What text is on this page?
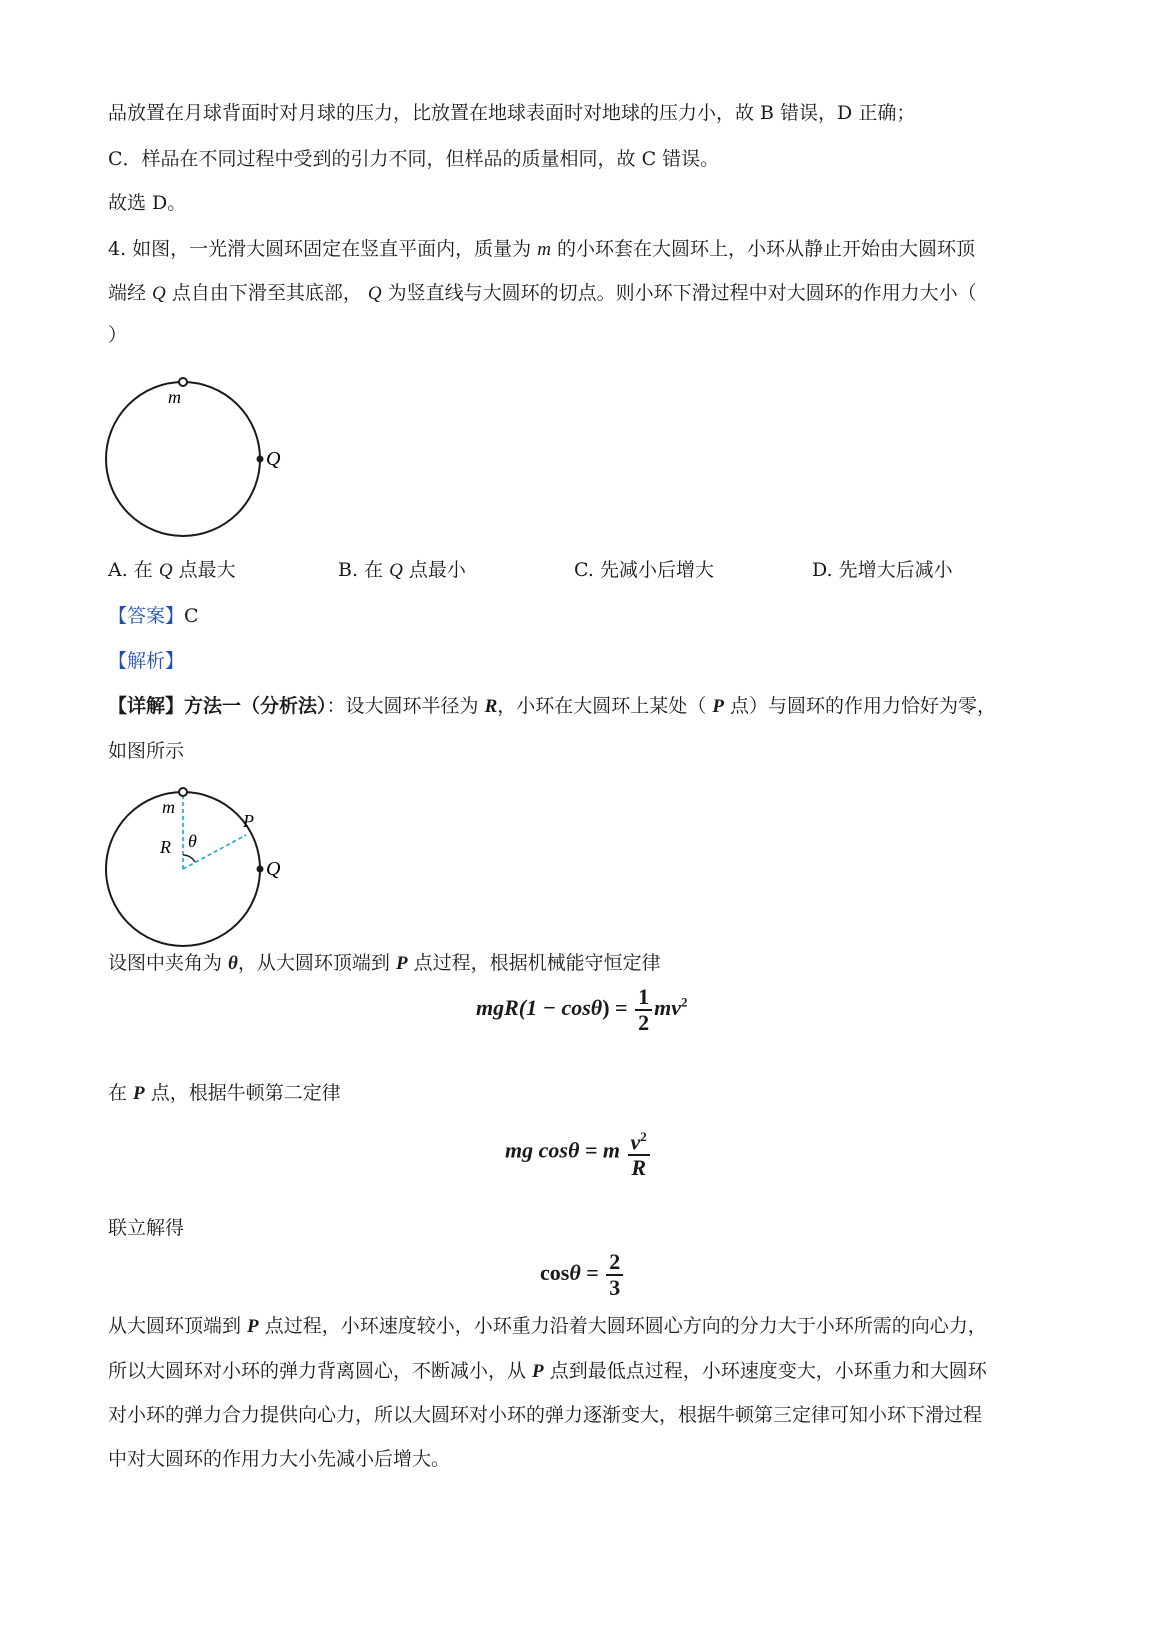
品放置在月球背面时对月球的压力，比放置在地球表面时对地球的压力小，故 B 错误，D 正确；
C．样品在不同过程中受到的引力不同，但样品的质量相同，故 C 错误。
故选 D。
4. 如图，一光滑大圆环固定在竖直平面内，质量为 m 的小环套在大圆环上，小环从静止开始由大圆环顶
端经 Q 点自由下滑至其底部， Q 为竖直线与大圆环的切点。则小环下滑过程中对大圆环的作用力大小（
）
m
Q
A. 在 Q 点最大	B. 在 Q 点最小	C. 先减小后增大	D. 先增大后减小
【答案】C
【解析】
【详解】方法一（分析法）：设大圆环半径为 R，小环在大圆环上某处（ P 点）与圆环的作用力恰好为零，
如图所示
m
P
R θ
Q
设图中夹角为 θ，从大圆环顶端到 P 点过程，根据机械能守恒定律
$mgR(1 - \cos\theta) = \frac{1}{2} mv^2$
在 P 点，根据牛顿第二定律
mg cosθ = m $\frac{v^2}{R}$
联立解得
$\cos\theta = \frac{2}{3}$
从大圆环顶端到 P 点过程，小环速度较小，小环重力沿着大圆环圆心方向的分力大于小环所需的向心力，
所以大圆环对小环的弹力背离圆心，不断减小，从 P 点到最低点过程，小环速度变大，小环重力和大圆环
对小环的弹力合力提供向心力，所以大圆环对小环的弹力逐渐变大，根据牛顿第三定律可知小环下滑过程
中对大圆环的作用力大小先减小后增大。
